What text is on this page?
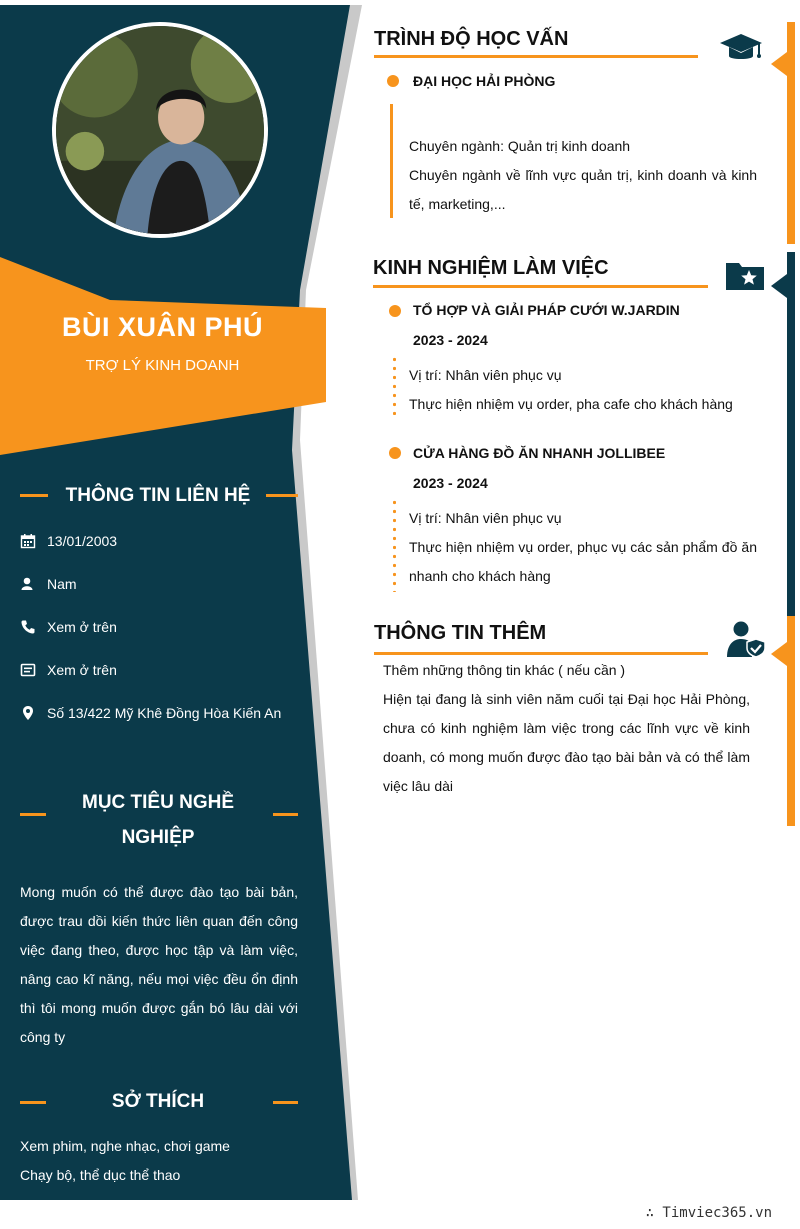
BÙI XUÂN PHÚ
TRỢ LÝ KINH DOANH
THÔNG TIN LIÊN HỆ
13/01/2003
Nam
Xem ở trên
Xem ở trên
Số 13/422 Mỹ Khê Đồng Hòa Kiến An
MỤC TIÊU NGHỀ
NGHIỆP
Mong muốn có thể được đào tạo bài bản, được trau dồi kiến thức liên quan đến công việc đang theo, được học tập và làm việc, nâng cao kĩ năng, nếu mọi việc đều ổn định thì tôi mong muốn được gắn bó lâu dài với công ty
SỞ THÍCH
Xem phim, nghe nhạc, chơi game
Chạy bộ, thể dục thể thao
TRÌNH ĐỘ HỌC VẤN
ĐẠI HỌC HẢI PHÒNG
Chuyên ngành: Quản trị kinh doanh
Chuyên ngành về lĩnh vực quản trị, kinh doanh và kinh tế, marketing,...
KINH NGHIỆM LÀM VIỆC
TỔ HỢP VÀ GIẢI PHÁP CƯỚI W.JARDIN
2023 - 2024
Vị trí: Nhân viên phục vụ
Thực hiện nhiệm vụ order, pha cafe cho khách hàng
CỬA HÀNG ĐỒ ĂN NHANH JOLLIBEE
2023 - 2024
Vị trí: Nhân viên phục vụ
Thực hiện nhiệm vụ order, phục vụ các sản phẩm đồ ăn nhanh cho khách hàng
THÔNG TIN THÊM
Thêm những thông tin khác ( nếu cần )
Hiện tại đang là sinh viên năm cuối tại Đại học Hải Phòng, chưa có kinh nghiệm làm việc trong các lĩnh vực về kinh doanh, có mong muốn được đào tạo bài bản và có thể làm việc lâu dài
∴ Timviec365.vn
